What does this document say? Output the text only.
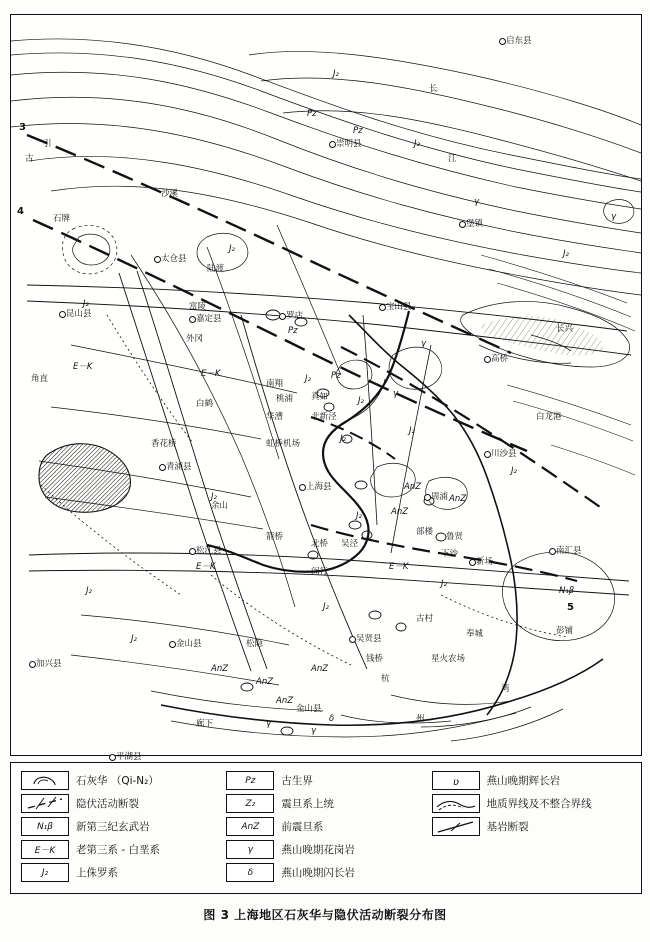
3
4
5
启东县
长
江
崇明县
古
引
沙溪
石牌	堡镇
太仓县
陆渡
昆山县
富陵
嘉定县	罗店
宝山县
外冈
长兴
角直	南翔
高桥
白鹤	桃浦 真如
华漕	北新泾	白龙港
香花桥	虹桥机场
川沙县
青浦县
上海县
周浦
余山
部楼
南汇县
箭桥
北桥 吴泾
鲁贤
新场
松江县
闵行
下沙
古村
彭铺
金山县	松隐	吴贤县	奉城
钱桥	星火农场
加兴县
金山县
廊下
平湖县
杭
州
湾
J₂
Pz
Pz
J₂
γ
γ
J₂
J₂
J₂
Pz
E－K
E－K	Pz
J₂
γ
γ
J₂
J₂
J₂
J₂
J₂
AnZ
AnZ
AnZ
J₂
E－K	E－K
J₂	N₁β
J₂
J₂
AnZ
AnZ
AnZ
AnZ
J₂
γ
γ
δ
石灰华 （Qi-N₂）	Pz 古生界	ʋ	燕山晚期辉长岩
隐伏活动断裂	Z₂ 震旦系上统	地质界线及不整合界线
N₁β 新第三纪玄武岩	AnZ 前震旦系	基岩断裂
E－K 老第三系 - 白垩系	γ	燕山晚期花岗岩
J₂	上侏罗系	δ	燕山晚期闪长岩
图 3 上海地区石灰华与隐伏活动断裂分布图
